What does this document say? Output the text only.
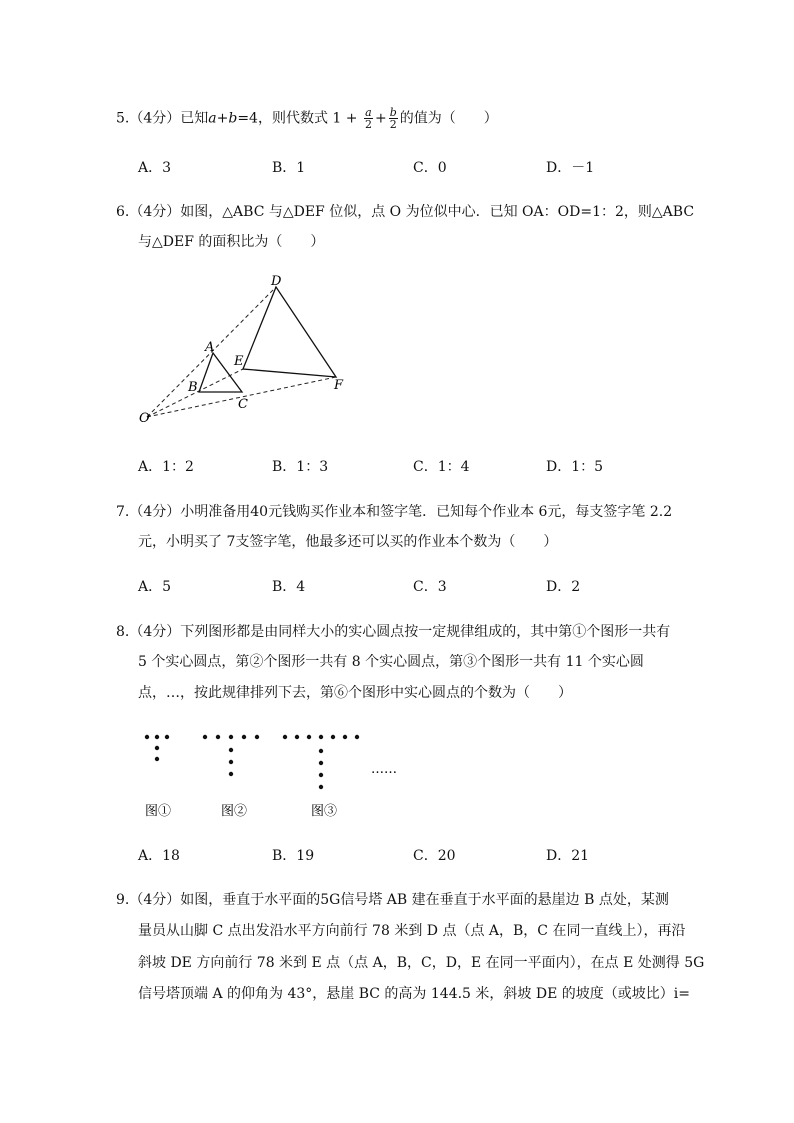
5.（4分）已知a+b=4，则代数式 $1 + \frac{a}{2} + \frac{b}{2}$ 的值为（　　）
A．3	B．1	C．0	D．－1
6.（4分）如图，△ABC 与△DEF 位似，点 O 为位似中心．已知 OA：OD=1：2，则△ABC
与△DEF 的面积比为（　　）
D
A
E
B
C
F
O
A．1：2	B．1：3	C．1：4	D．1：5
7.（4分）小明准备用40元钱购买作业本和签字笔．已知每个作业本 6元，每支签字笔 2.2
元，小明买了 7支签字笔，他最多还可以买的作业本个数为（　　）
A．5	B．4	C．3	D．2
8.（4分）下列图形都是由同样大小的实心圆点按一定规律组成的，其中第①个图形一共有
5 个实心圆点，第②个图形一共有 8 个实心圆点，第③个图形一共有 11 个实心圆
点，…，按此规律排列下去，第⑥个图形中实心圆点的个数为（　　）
……
图①	图②	图③
A．18	B．19	C．20	D．21
9.（4分）如图，垂直于水平面的5G信号塔 AB 建在垂直于水平面的悬崖边 B 点处，某测
量员从山脚 C 点出发沿水平方向前行 78 米到 D 点（点 A，B，C 在同一直线上），再沿
斜坡 DE 方向前行 78 米到 E 点（点 A，B，C，D，E 在同一平面内），在点 E 处测得 5G
信号塔顶端 A 的仰角为 43°，悬崖 BC 的高为 144.5 米，斜坡 DE 的坡度（或坡比）i=
